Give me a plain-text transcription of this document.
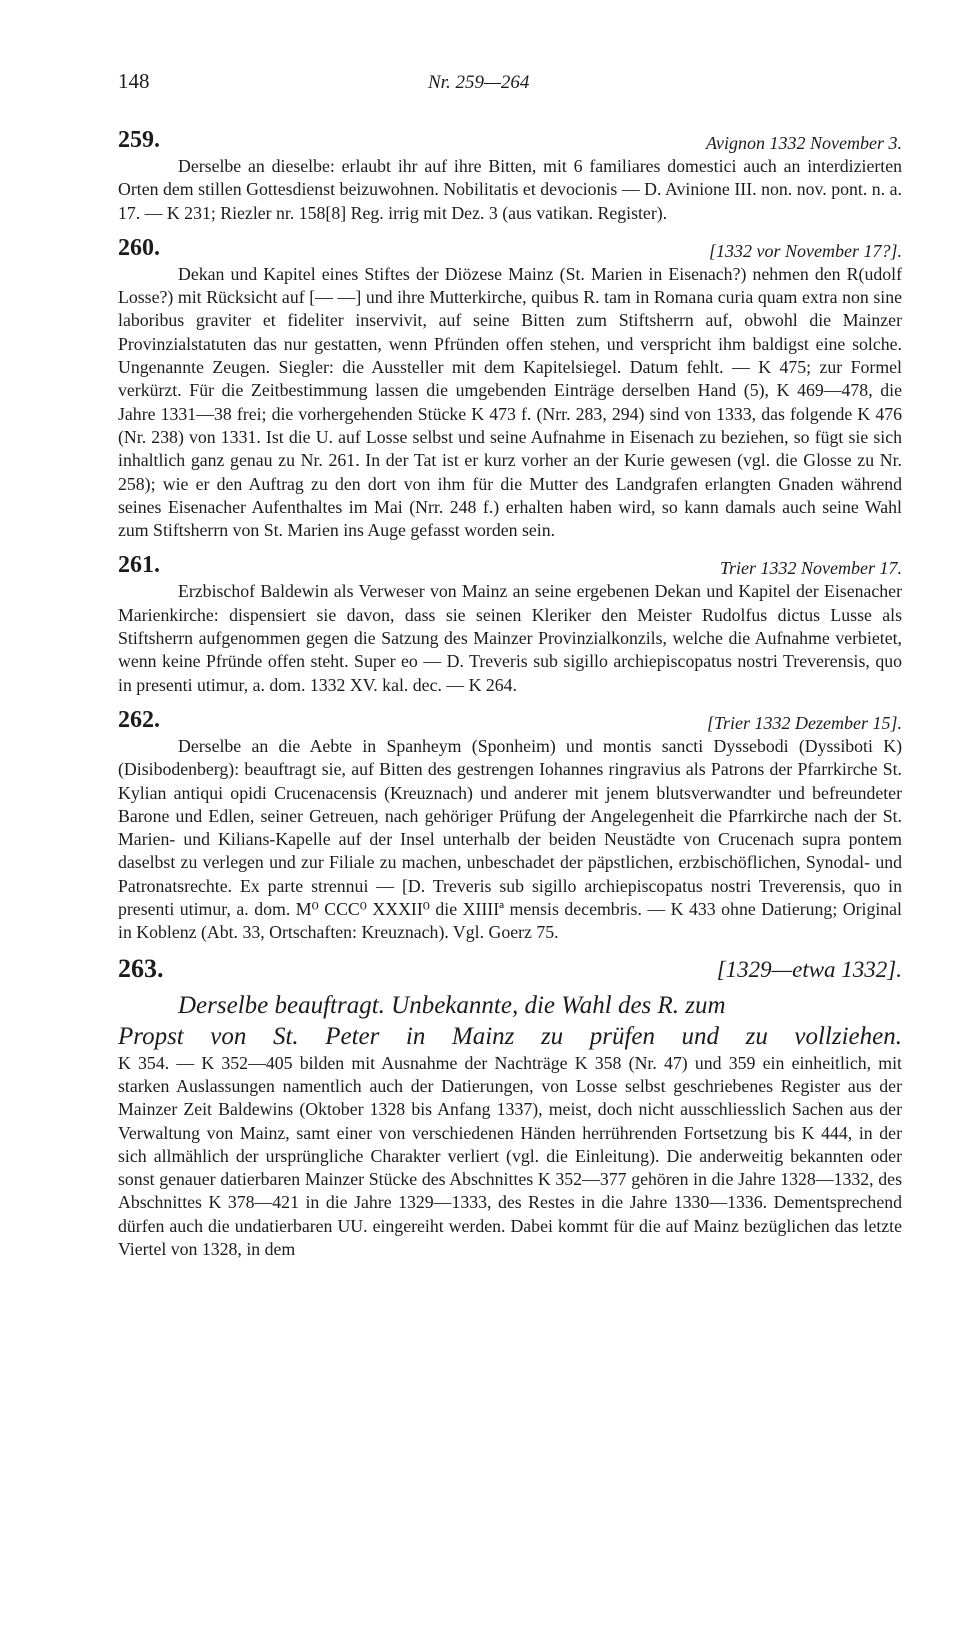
148	Nr. 259—264
259.	Avignon 1332 November 3.

Derselbe an dieselbe: erlaubt ihr auf ihre Bitten, mit 6 familiares domestici auch an interdizierten Orten dem stillen Gottesdienst beizuwohnen. Nobilitatis et devocionis — D. Avinione III. non. nov. pont. n. a. 17. — K 231; Riezler nr. 158[8] Reg. irrig mit Dez. 3 (aus vatikan. Register).

260.	[1332 vor November 17?].

Dekan und Kapitel eines Stiftes der Diözese Mainz (St. Marien in Eisenach?) nehmen den R(udolf Losse?) mit Rücksicht auf [— —] und ihre Mutterkirche, quibus R. tam in Romana curia quam extra non sine laboribus graviter et fideliter inservivit, auf seine Bitten zum Stiftsherrn auf, obwohl die Mainzer Provinzialstatuten das nur gestatten, wenn Pfründen offen stehen, und verspricht ihm baldigst eine solche. Ungenannte Zeugen. Siegler: die Aussteller mit dem Kapitelsiegel. Datum fehlt. — K 475; zur Formel verkürzt. Für die Zeitbestimmung lassen die umgebenden Einträge derselben Hand (5), K 469—478, die Jahre 1331—38 frei; die vorhergehenden Stücke K 473 f. (Nrr. 283, 294) sind von 1333, das folgende K 476 (Nr. 238) von 1331. Ist die U. auf Losse selbst und seine Aufnahme in Eisenach zu beziehen, so fügt sie sich inhaltlich ganz genau zu Nr. 261. In der Tat ist er kurz vorher an der Kurie gewesen (vgl. die Glosse zu Nr. 258); wie er den Auftrag zu den dort von ihm für die Mutter des Landgrafen erlangten Gnaden während seines Eisenacher Aufenthaltes im Mai (Nrr. 248 f.) erhalten haben wird, so kann damals auch seine Wahl zum Stiftsherrn von St. Marien ins Auge gefasst worden sein.

261.	Trier 1332 November 17.

Erzbischof Baldewin als Verweser von Mainz an seine ergebenen Dekan und Kapitel der Eisenacher Marienkirche: dispensiert sie davon, dass sie seinen Kleriker den Meister Rudolfus dictus Lusse als Stiftsherrn aufgenommen gegen die Satzung des Mainzer Provinzialkonzils, welche die Aufnahme verbietet, wenn keine Pfründe offen steht. Super eo — D. Treveris sub sigillo archiepiscopatus nostri Treverensis, quo in presenti utimur, a. dom. 1332 XV. kal. dec. — K 264.

262.	[Trier 1332 Dezember 15].

Derselbe an die Aebte in Spanheym (Sponheim) und montis sancti Dyssebodi (Dyssiboti K) (Disibodenberg): beauftragt sie, auf Bitten des gestrengen Iohannes ringravius als Patrons der Pfarrkirche St. Kylian antiqui opidi Crucenacensis (Kreuznach) und anderer mit jenem blutsverwandter und befreundeter Barone und Edlen, seiner Getreuen, nach gehöriger Prüfung der Angelegenheit die Pfarrkirche nach der St. Marien- und Kilians-Kapelle auf der Insel unterhalb der beiden Neustädte von Crucenach supra pontem daselbst zu verlegen und zur Filiale zu machen, unbeschadet der päpstlichen, erzbischöflichen, Synodal- und Patronatsrechte. Ex parte strennui — [D. Treveris sub sigillo archiepiscopatus nostri Treverensis, quo in presenti utimur, a. dom. M⁰ CCC⁰ XXXII⁰ die XIIIIª mensis decembris. — K 433 ohne Datierung; Original in Koblenz (Abt. 33, Ortschaften: Kreuznach). Vgl. Goerz 75.

263.	[1329—etwa 1332].

Derselbe beauftragt. Unbekannte, die Wahl des R. zum

Propst von St. Peter in Mainz zu prüfen und zu vollziehen.

K 354. — K 352—405 bilden mit Ausnahme der Nachträge K 358 (Nr. 47) und 359 ein einheitlich, mit starken Auslassungen namentlich auch der Datierungen, von Losse selbst geschriebenes Register aus der Mainzer Zeit Baldewins (Oktober 1328 bis Anfang 1337), meist, doch nicht ausschliesslich Sachen aus der Verwaltung von Mainz, samt einer von verschiedenen Händen herrührenden Fortsetzung bis K 444, in der sich allmählich der ursprüngliche Charakter verliert (vgl. die Einleitung). Die anderweitig bekannten oder sonst genauer datierbaren Mainzer Stücke des Abschnittes K 352—377 gehören in die Jahre 1328—1332, des Abschnittes K 378—421 in die Jahre 1329—1333, des Restes in die Jahre 1330—1336. Dementsprechend dürfen auch die undatierbaren UU. eingereiht werden. Dabei kommt für die auf Mainz bezüglichen das letzte Viertel von 1328, in dem
